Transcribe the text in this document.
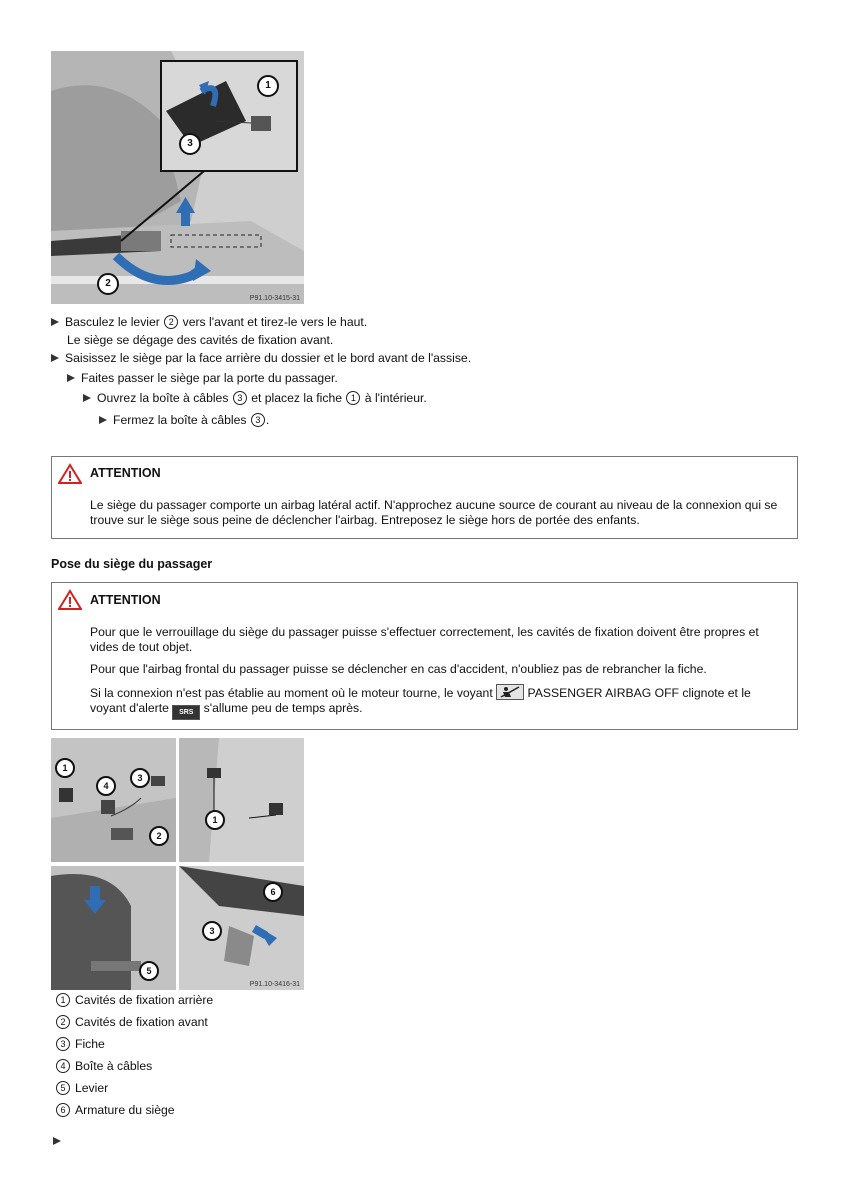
1
3
2
P91.10-3415-31
Basculez le levier 2 vers l'avant et tirez-le vers le haut.
Le siège se dégage des cavités de fixation avant.
Saisissez le siège par la face arrière du dossier et le bord avant de l'assise.
Faites passer le siège par la porte du passager.
Ouvrez la boîte à câbles 3 et placez la fiche 1 à l'intérieur.
Fermez la boîte à câbles 3 .
ATTENTION

Le siège du passager comporte un airbag latéral actif. N'approchez aucune source de courant au niveau de la connexion qui se trouve sur le siège sous peine de déclencher l'airbag. Entreposez le siège hors de portée des enfants.

Pose du siège du passager
ATTENTION

Pour que le verrouillage du siège du passager puisse s'effectuer correctement, les cavités de fixation doivent être propres et vides de tout objet.

Pour que l'airbag frontal du passager puisse se déclencher en cas d'accident, n'oubliez pas de rebrancher la fiche.

Si la connexion n'est pas établie au moment où le moteur tourne, le voyant	PASSENGER AIRBAG OFF clignote et le
voyant d'alerte SRS s'allume peu de temps après.

1
4
3
2
1
5
6
3
P91.10-3416-31
1 Cavités de fixation arrière
2 Cavités de fixation avant
3 Fiche
4 Boîte à câbles
5 Levier
6 Armature du siège
